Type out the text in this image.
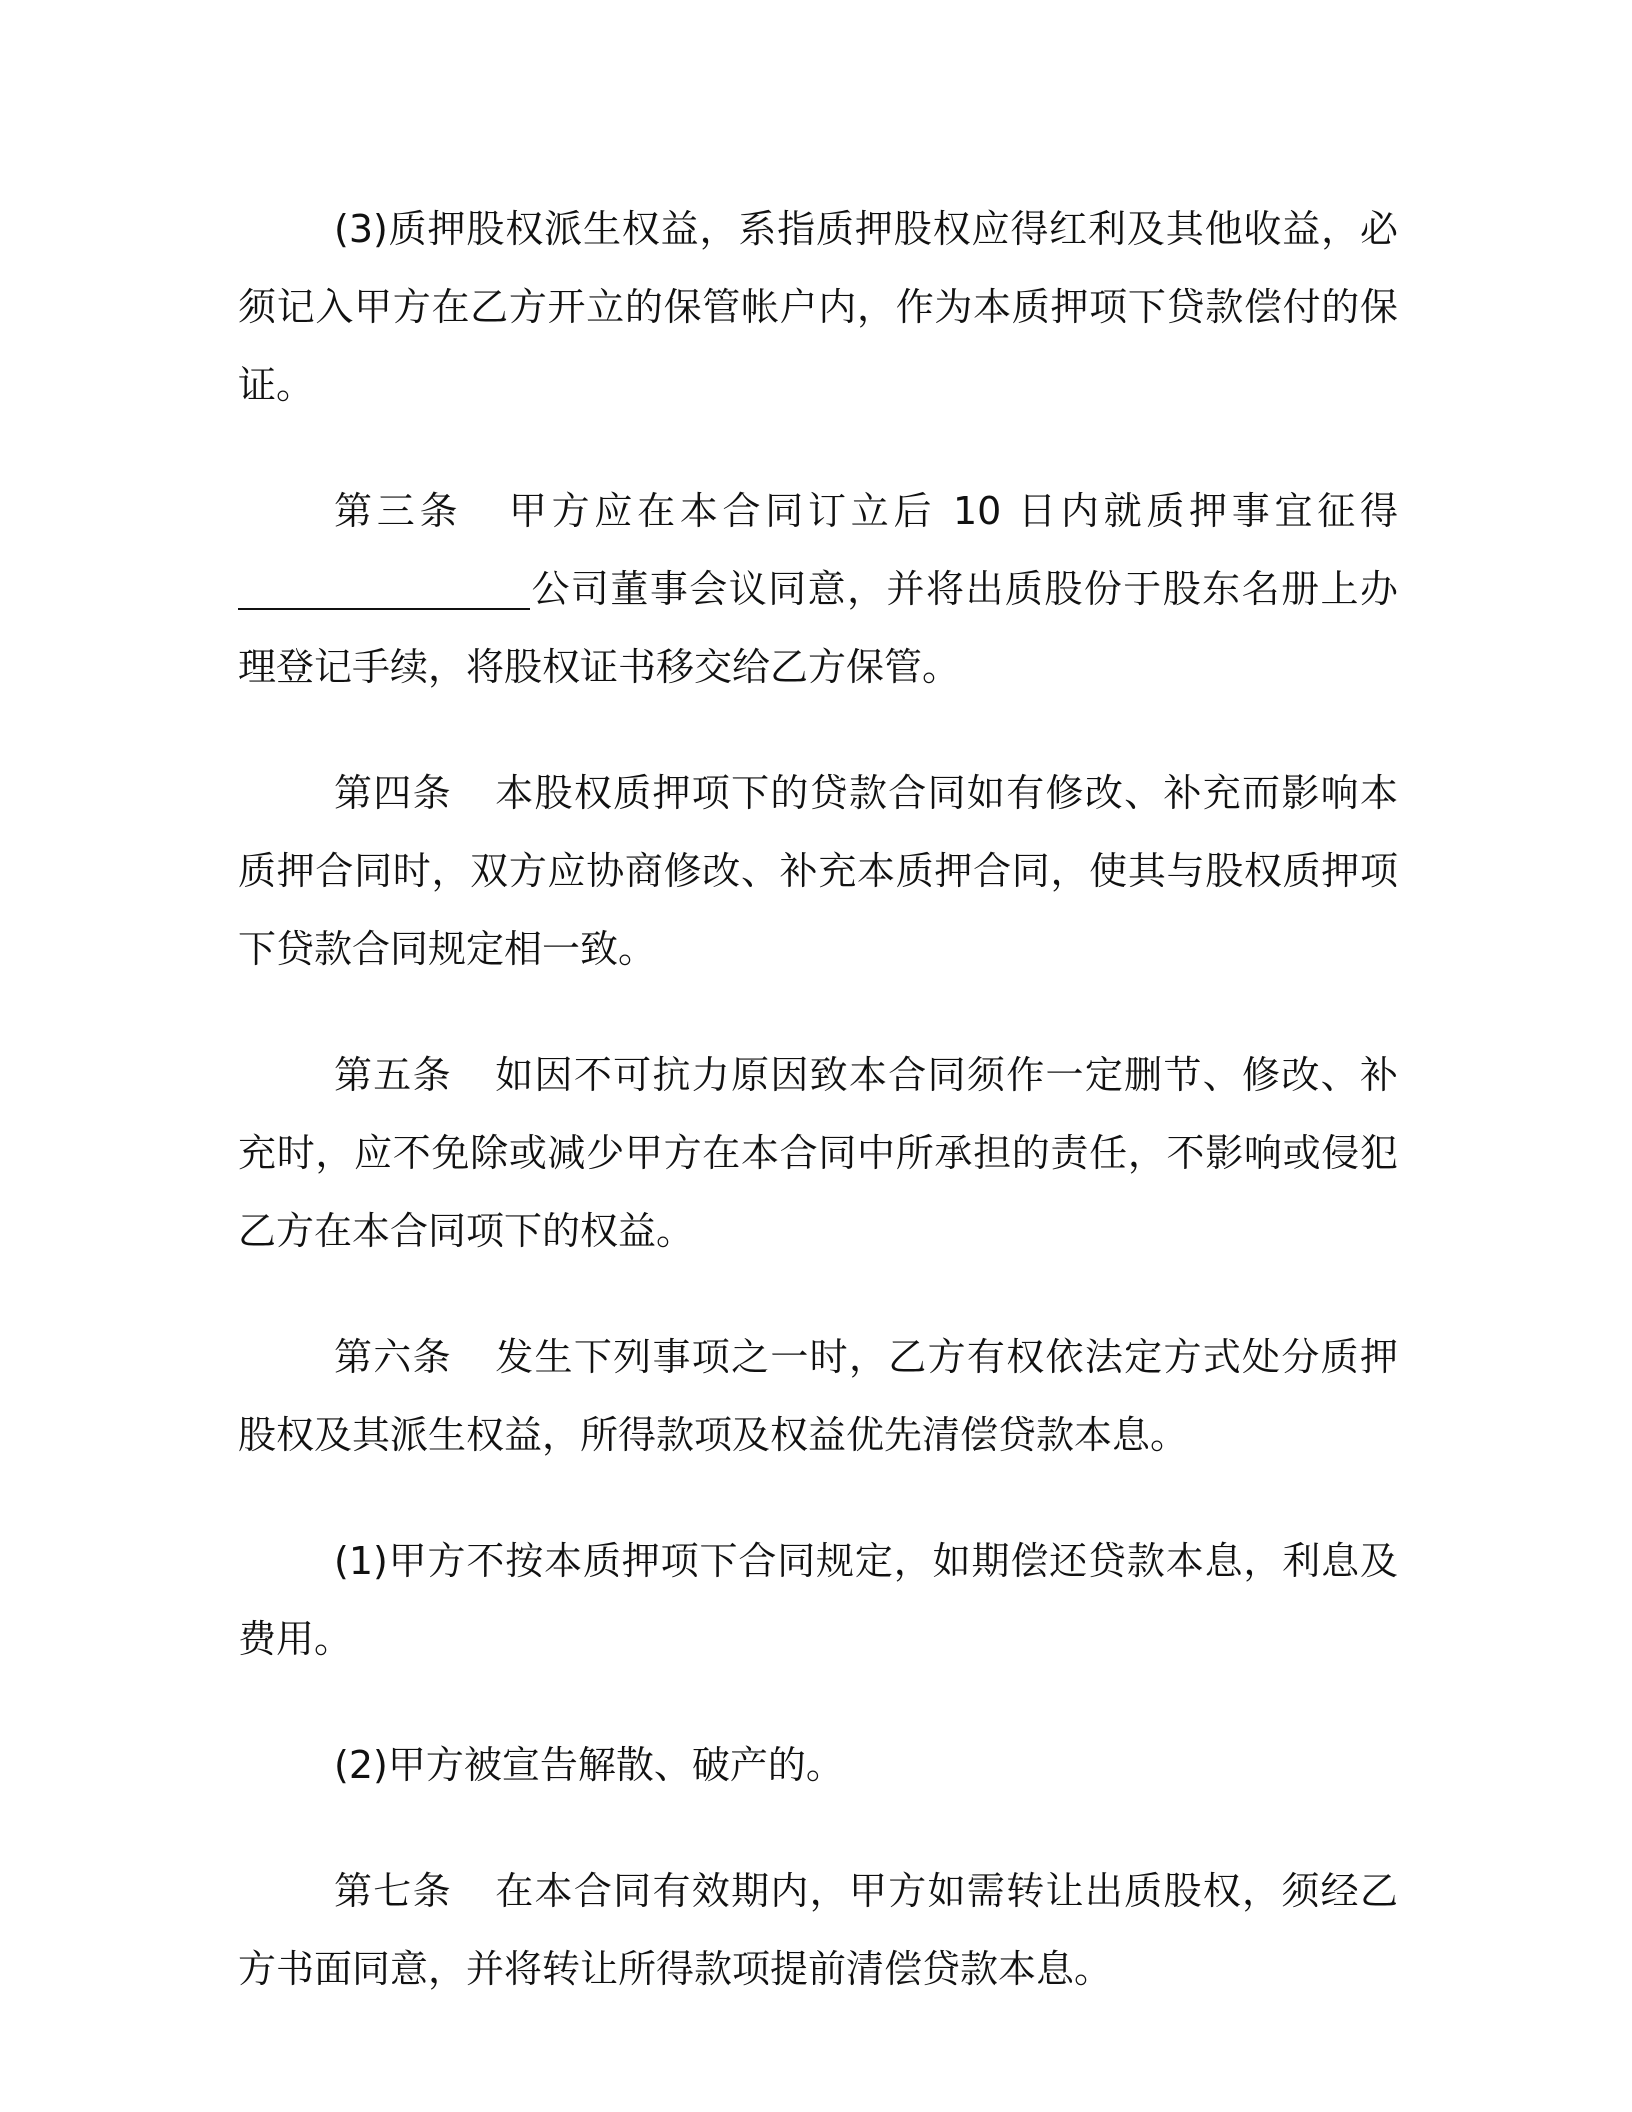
(3)质押股权派生权益，系指质押股权应得红利及其他收益，必须记入甲方在乙方开立的保管帐户内，作为本质押项下贷款偿付的保证。

第三条 甲方应在本合同订立后 10 日内就质押事宜征得公司董事会议同意，并将出质股份于股东名册上办理登记手续，将股权证书移交给乙方保管。

第四条 本股权质押项下的贷款合同如有修改、补充而影响本质押合同时，双方应协商修改、补充本质押合同，使其与股权质押项下贷款合同规定相一致。

第五条 如因不可抗力原因致本合同须作一定删节、修改、补充时，应不免除或减少甲方在本合同中所承担的责任，不影响或侵犯乙方在本合同项下的权益。

第六条 发生下列事项之一时，乙方有权依法定方式处分质押股权及其派生权益，所得款项及权益优先清偿贷款本息。

(1)甲方不按本质押项下合同规定，如期偿还贷款本息，利息及费用。

(2)甲方被宣告解散、破产的。

第七条 在本合同有效期内，甲方如需转让出质股权，须经乙方书面同意，并将转让所得款项提前清偿贷款本息。
